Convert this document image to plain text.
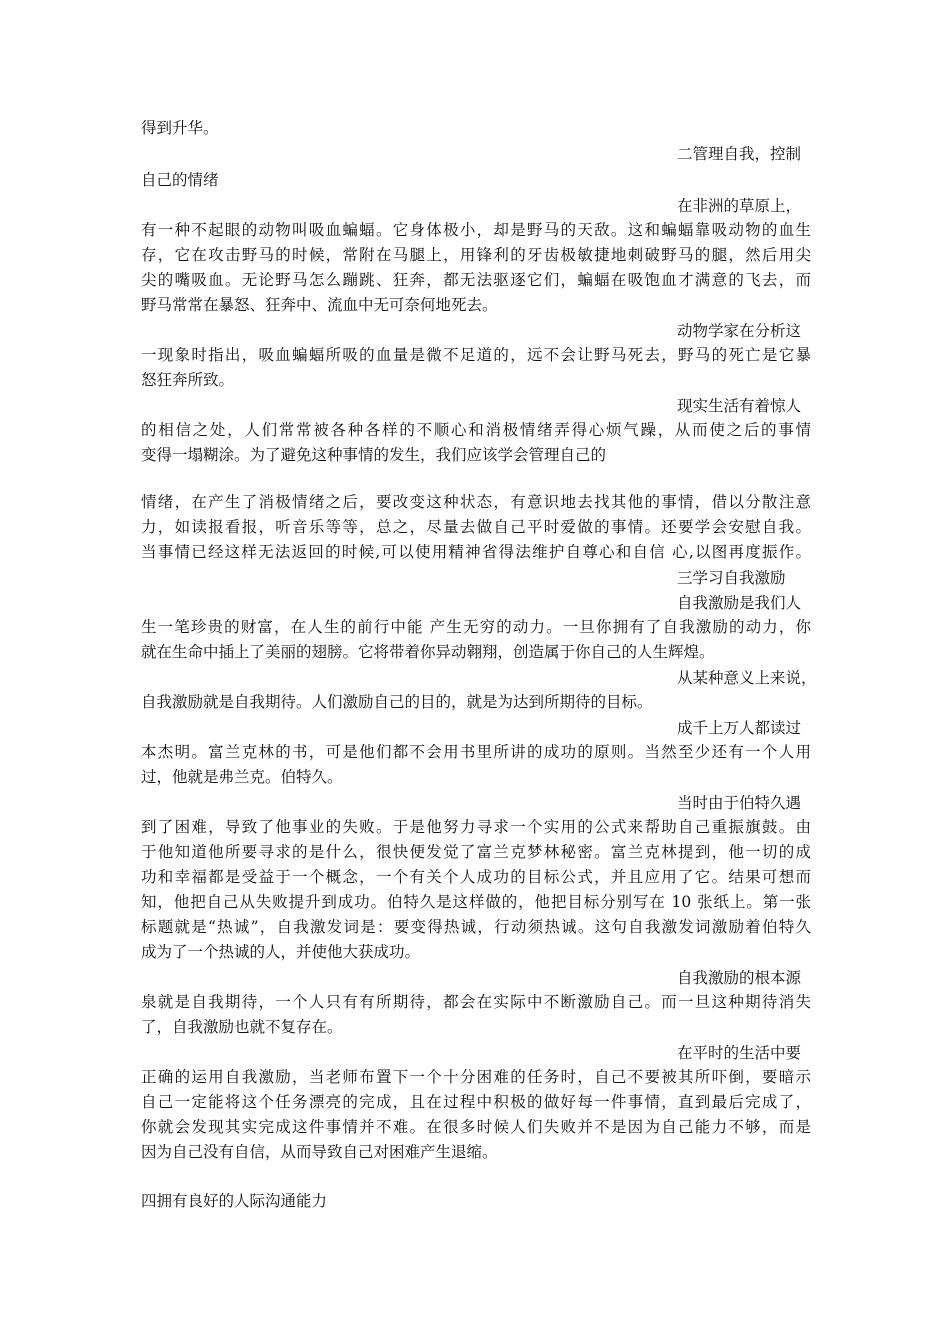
得到升华。
二管理自我，控制
自己的情绪
在非洲的草原上，
有一种不起眼的动物叫吸血蝙蝠。它身体极小，却是野马的天敌。这和蝙蝠靠吸动物的血生
存，它在攻击野马的时候，常附在马腿上，用锋利的牙齿极敏捷地刺破野马的腿，然后用尖
尖的嘴吸血。无论野马怎么蹦跳、狂奔，都无法驱逐它们，蝙蝠在吸饱血才满意的飞去，而
野马常常在暴怒、狂奔中、流血中无可奈何地死去。
动物学家在分析这
一现象时指出，吸血蝙蝠所吸的血量是微不足道的，远不会让野马死去，野马的死亡是它暴
怒狂奔所致。
现实生活有着惊人
的相信之处，人们常常被各种各样的不顺心和消极情绪弄得心烦气躁，从而使之后的事情
变得一塌糊涂。为了避免这种事情的发生，我们应该学会管理自己的
情绪，在产生了消极情绪之后，要改变这种状态，有意识地去找其他的事情，借以分散注意
力，如读报看报，听音乐等等，总之，尽量去做自己平时爱做的事情。还要学会安慰自我。
当事情已经这样无法返回的时候,可以使用精神省得法维护自尊心和自信 心,以图再度振作。
三学习自我激励
自我激励是我们人
生一笔珍贵的财富，在人生的前行中能 产生无穷的动力。一旦你拥有了自我激励的动力，你
就在生命中插上了美丽的翅膀。它将带着你异动翱翔，创造属于你自己的人生辉煌。
从某种意义上来说，
自我激励就是自我期待。人们激励自己的目的，就是为达到所期待的目标。
成千上万人都读过
本杰明。富兰克林的书，可是他们都不会用书里所讲的成功的原则。当然至少还有一个人用
过，他就是弗兰克。伯特久。
当时由于伯特久遇
到了困难，导致了他事业的失败。于是他努力寻求一个实用的公式来帮助自己重振旗鼓。由
于他知道他所要寻求的是什么，很快便发觉了富兰克梦林秘密。富兰克林提到，他一切的成
功和幸福都是受益于一个概念，一个有关个人成功的目标公式，并且应用了它。结果可想而
知，他把自己从失败提升到成功。伯特久是这样做的，他把目标分别写在 10 张纸上。第一张
标题就是“热诚”，自我激发词是：要变得热诚，行动须热诚。这句自我激发词激励着伯特久
成为了一个热诚的人，并使他大获成功。
自我激励的根本源
泉就是自我期待，一个人只有有所期待，都会在实际中不断激励自己。而一旦这种期待消失
了，自我激励也就不复存在。
在平时的生活中要
正确的运用自我激励，当老师布置下一个十分困难的任务时，自己不要被其所吓倒，要暗示
自己一定能将这个任务漂亮的完成，且在过程中积极的做好每一件事情，直到最后完成了，
你就会发现其实完成这件事情并不难。在很多时候人们失败并不是因为自己能力不够，而是
因为自己没有自信，从而导致自己对困难产生退缩。
四拥有良好的人际沟通能力
